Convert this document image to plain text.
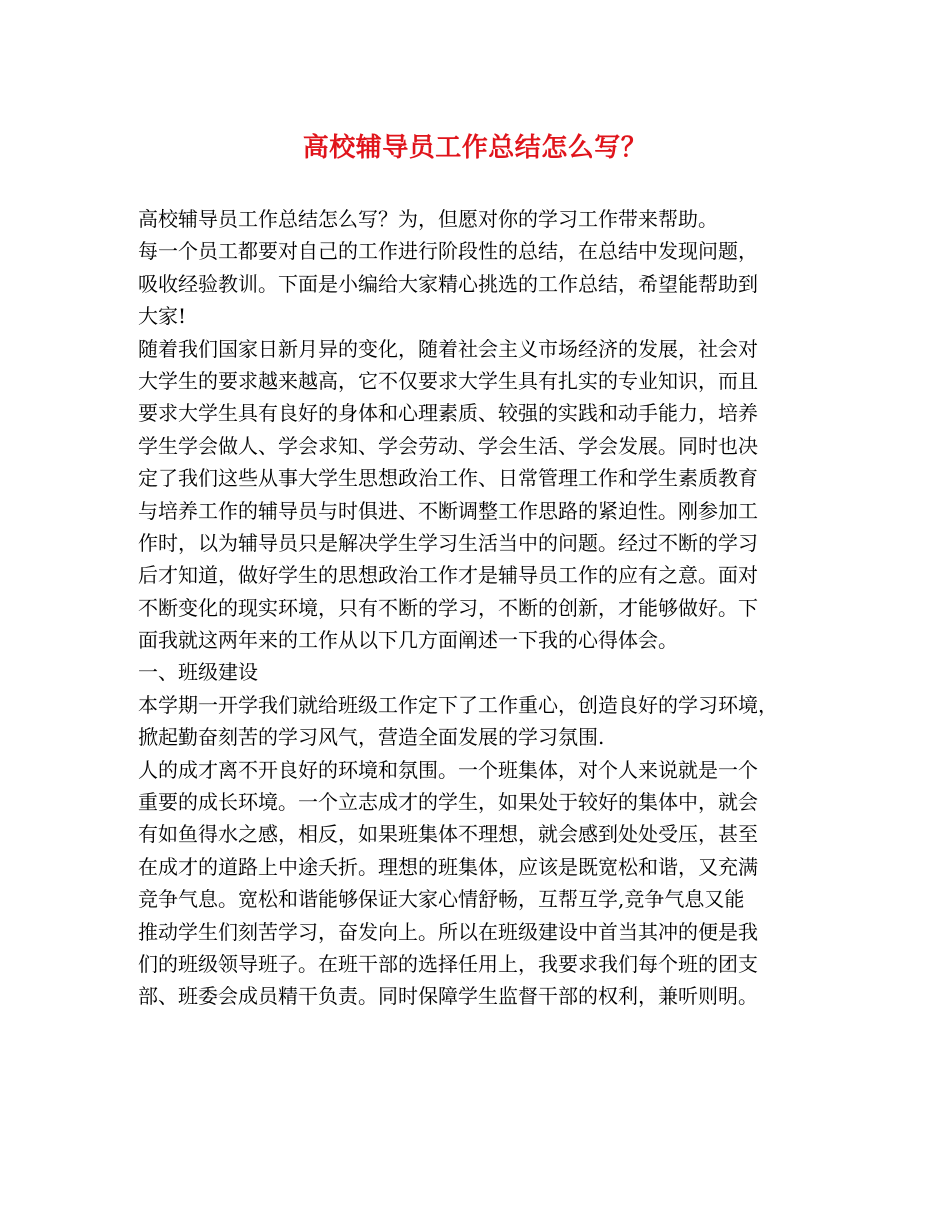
高校辅导员工作总结怎么写？
高校辅导员工作总结怎么写？为，但愿对你的学习工作带来帮助。
每一个员工都要对自己的工作进行阶段性的总结，在总结中发现问题，
吸收经验教训。下面是小编给大家精心挑选的工作总结，希望能帮助到
大家!
随着我们国家日新月异的变化，随着社会主义市场经济的发展，社会对
大学生的要求越来越高，它不仅要求大学生具有扎实的专业知识，而且
要求大学生具有良好的身体和心理素质、较强的实践和动手能力，培养
学生学会做人、学会求知、学会劳动、学会生活、学会发展。同时也决
定了我们这些从事大学生思想政治工作、日常管理工作和学生素质教育
与培养工作的辅导员与时俱进、不断调整工作思路的紧迫性。刚参加工
作时，以为辅导员只是解决学生学习生活当中的问题。经过不断的学习
后才知道，做好学生的思想政治工作才是辅导员工作的应有之意。面对
不断变化的现实环境，只有不断的学习，不断的创新，才能够做好。下
面我就这两年来的工作从以下几方面阐述一下我的心得体会。
一、班级建设
本学期一开学我们就给班级工作定下了工作重心，创造良好的学习环境，
掀起勤奋刻苦的学习风气，营造全面发展的学习氛围.
人的成才离不开良好的环境和氛围。一个班集体，对个人来说就是一个
重要的成长环境。一个立志成才的学生，如果处于较好的集体中，就会
有如鱼得水之感，相反，如果班集体不理想，就会感到处处受压，甚至
在成才的道路上中途夭折。理想的班集体，应该是既宽松和谐，又充满
竞争气息。宽松和谐能够保证大家心情舒畅，互帮互学,竞争气息又能
推动学生们刻苦学习，奋发向上。所以在班级建设中首当其冲的便是我
们的班级领导班子。在班干部的选择任用上，我要求我们每个班的团支
部、班委会成员精干负责。同时保障学生监督干部的权利，兼听则明。
